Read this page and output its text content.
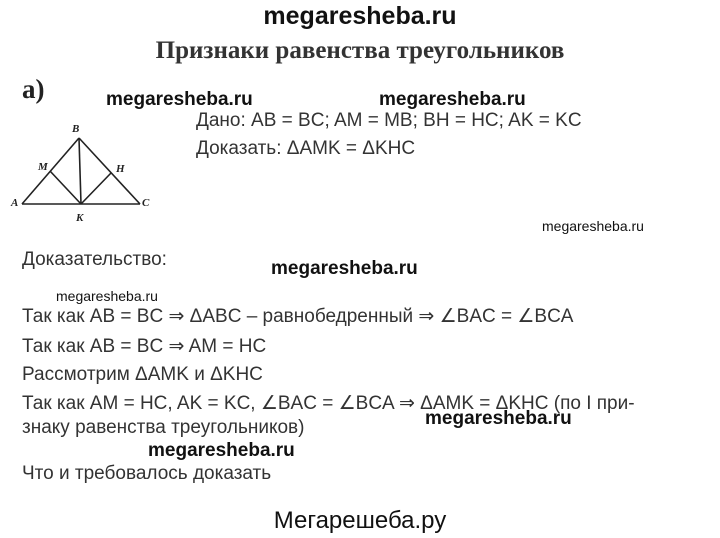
megaresheba.ru
Признаки равенства треугольников
а)
A
B
C
M	H
K
Дано: AB = BC; AM = MB; BH = HC; AK = KC
Доказать: ΔAMK = ΔKHC
Доказательство:
Так как AB = BC ⇒ ΔABC – равнобедренный ⇒ ∠BAC = ∠BCA
Так как AB = BC ⇒ AM = HC
Рассмотрим ΔAMK и ΔKHC
Так как AM = HC, AK = KC, ∠BAC = ∠BCA ⇒ ΔAMK = ΔKHC (по I при-
знаку равенства треугольников)
Что и требовалось доказать
megaresheba.ru	megaresheba.ru
megaresheba.ru
megaresheba.ru
megaresheba.ru
megaresheba.ru
megaresheba.ru
Мегарешеба.ру
